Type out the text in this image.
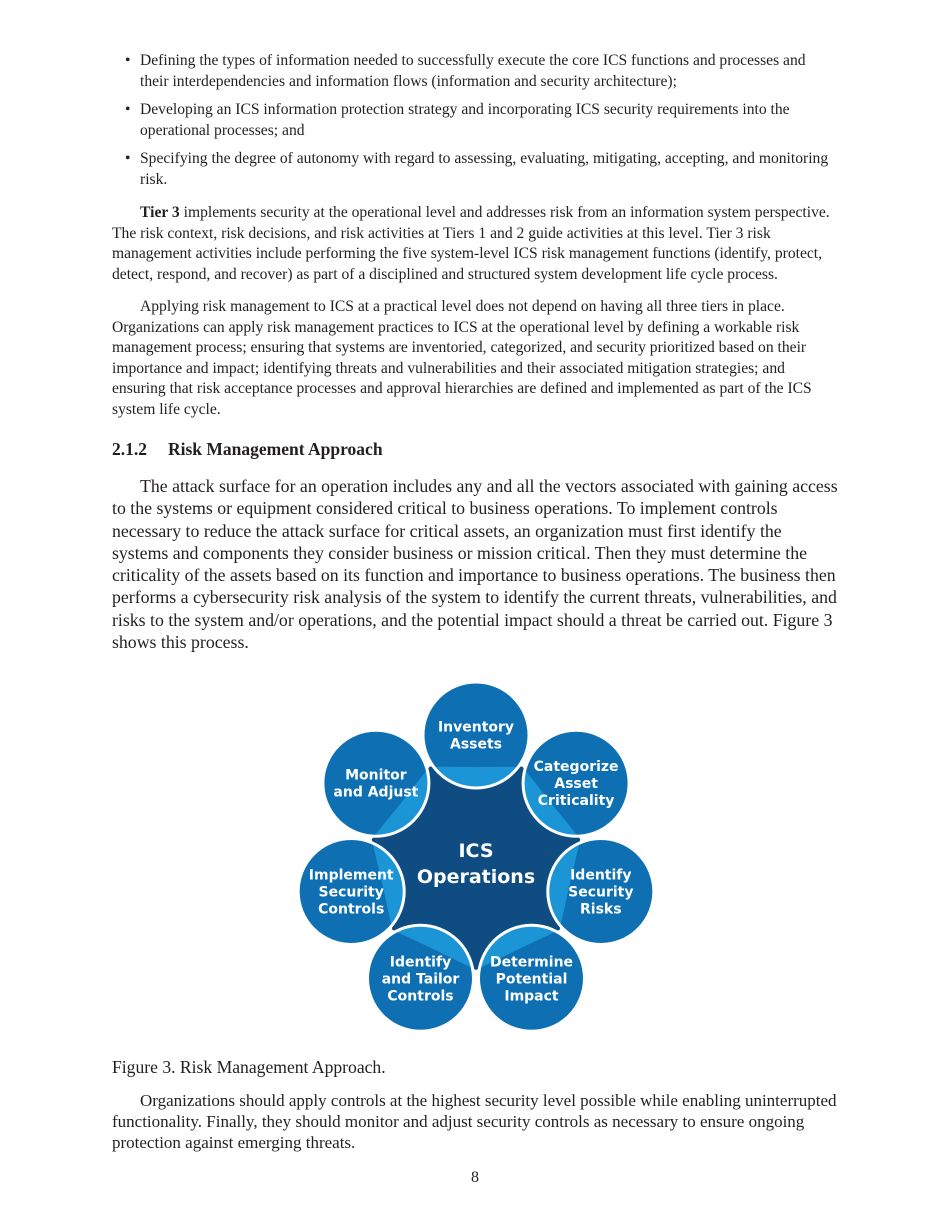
• Defining the types of information needed to successfully execute the core ICS functions and processes and their interdependencies and information flows (information and security architecture);
• Developing an ICS information protection strategy and incorporating ICS security requirements into the operational processes; and
• Specifying the degree of autonomy with regard to assessing, evaluating, mitigating, accepting, and monitoring risk.

Tier 3 implements security at the operational level and addresses risk from an information system perspective. The risk context, risk decisions, and risk activities at Tiers 1 and 2 guide activities at this level. Tier 3 risk management activities include performing the five system-level ICS risk management functions (identify, protect, detect, respond, and recover) as part of a disciplined and structured system development life cycle process.

Applying risk management to ICS at a practical level does not depend on having all three tiers in place. Organizations can apply risk management practices to ICS at the operational level by defining a workable risk management process; ensuring that systems are inventoried, categorized, and security prioritized based on their importance and impact; identifying threats and vulnerabilities and their associated mitigation strategies; and ensuring that risk acceptance processes and approval hierarchies are defined and implemented as part of the ICS system life cycle.

2.1.2 Risk Management Approach

The attack surface for an operation includes any and all the vectors associated with gaining access to the systems or equipment considered critical to business operations. To implement controls necessary to reduce the attack surface for critical assets, an organization must first identify the systems and components they consider business or mission critical. Then they must determine the criticality of the assets based on its function and importance to business operations. The business then performs a cybersecurity risk analysis of the system to identify the current threats, vulnerabilities, and risks to the system and/or operations, and the potential impact should a threat be carried out. Figure 3 shows this process.

Inventory Assets
Categorize Asset Criticality
Identify Security Risks
Determine Potential Impact
Identify and Tailor Controls
Implement Security Controls
Monitor and Adjust
ICS
Operations

Figure 3. Risk Management Approach.

Organizations should apply controls at the highest security level possible while enabling uninterrupted functionality. Finally, they should monitor and adjust security controls as necessary to ensure ongoing protection against emerging threats.

8
